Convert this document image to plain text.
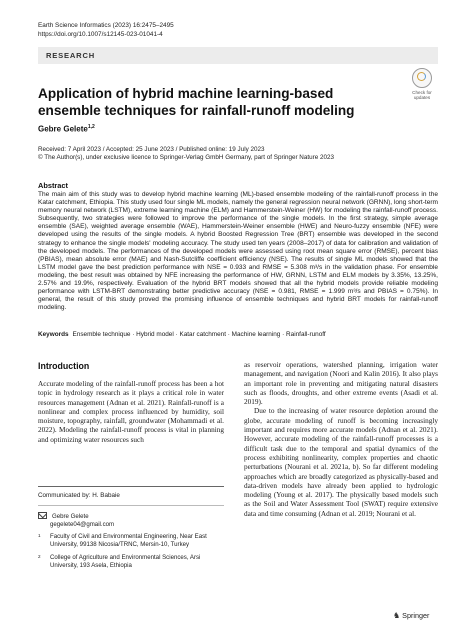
Earth Science Informatics (2023) 16:2475–2495
https://doi.org/10.1007/s12145-023-01041-4
RESEARCH
Check for
updates
Application of hybrid machine learning-based ensemble techniques for rainfall-runoff modeling
Gebre Gelete$^{1,2}$
Received: 7 April 2023 / Accepted: 25 June 2023 / Published online: 19 July 2023
© The Author(s), under exclusive licence to Springer-Verlag GmbH Germany, part of Springer Nature 2023
Abstract
The main aim of this study was to develop hybrid machine learning (ML)-based ensemble modeling of the rainfall-runoff process in the Katar catchment, Ethiopia. This study used four single ML models, namely the general regression neural network (GRNN), long short-term memory neural network (LSTM), extreme learning machine (ELM) and Hammerstein-Weiner (HW) for modeling the rainfall-runoff process. Subsequently, two strategies were followed to improve the performance of the single models. In the first strategy, simple average ensemble (SAE), weighted average ensemble (WAE), Hammerstein-Weiner ensemble (HWE) and Neuro-fuzzy ensemble (NFE) were developed using the results of the single models. A hybrid Boosted Regression Tree (BRT) ensemble was developed in the second strategy to enhance the single models' modeling accuracy. The study used ten years (2008–2017) of data for calibration and validation of the developed models. The performances of the developed models were assessed using root mean square error (RMSE), percent bias (PBIAS), mean absolute error (MAE) and Nash-Sutcliffe coefficient efficiency (NSE). The results of single ML models showed that the LSTM model gave the best prediction performance with NSE = 0.933 and RMSE = 5.308 m³/s in the validation phase. For ensemble modeling, the best result was obtained by NFE increasing the performance of HW, GRNN, LSTM and ELM models by 3.35%, 13.25%, 2.57% and 19.9%, respectively. Evaluation of the hybrid BRT models showed that all the hybrid models provide reliable modeling performance with LSTM-BRT demonstrating better predictive accuracy (NSE = 0.981, RMSE = 1.999 m³/s and PBIAS = 0.75%). In general, the result of this study proved the promising influence of ensemble techniques and hybrid BRT models for rainfall-runoff modeling.
Keywords Ensemble technique · Hybrid model · Katar catchment · Machine learning · Rainfall-runoff
Introduction

Accurate modeling of the rainfall-runoff process has been a hot topic in hydrology research as it plays a critical role in water resources management (Adnan et al. 2021). Rainfall-runoff is a nonlinear and complex process influenced by humidity, soil moisture, topography, rainfall, groundwater (Mohammadi et al. 2022). Modeling the rainfall-runoff process is vital in planning and optimizing water resources such

as reservoir operations, watershed planning, irrigation water management, and navigation (Noori and Kalin 2016). It also plays an important role in preventing and mitigating natural disasters such as floods, droughts, and other extreme events (Asadi et al. 2019).

Due to the increasing of water resource depletion around the globe, accurate modeling of runoff is becoming increasingly important and requires more accurate models (Adnan et al. 2021). However, accurate modeling of the rainfall-runoff processes is a difficult task due to the temporal and spatial dynamics of the process exhibiting nonlinearity, complex properties and chaotic perturbations (Nourani et al. 2021a, b). So far different modeling approaches which are broadly categorized as physically-based and data-driven models have already been applied to hydrologic modeling (Young et al. 2017). The physically based models such as the Soil and Water Assessment Tool (SWAT) require extensive data and time consuming (Adnan et al. 2019; Nourani et al.

Communicated by: H. Babaie
Gebre Gelete
gegelete04@gmail.com
1 Faculty of Civil and Environmental Engineering, Near East University, 99138 Nicosia/TRNC, Mersin-10, Turkey
2 College of Agriculture and Environmental Sciences, Arsi University, 193 Asela, Ethiopia
♞ Springer
